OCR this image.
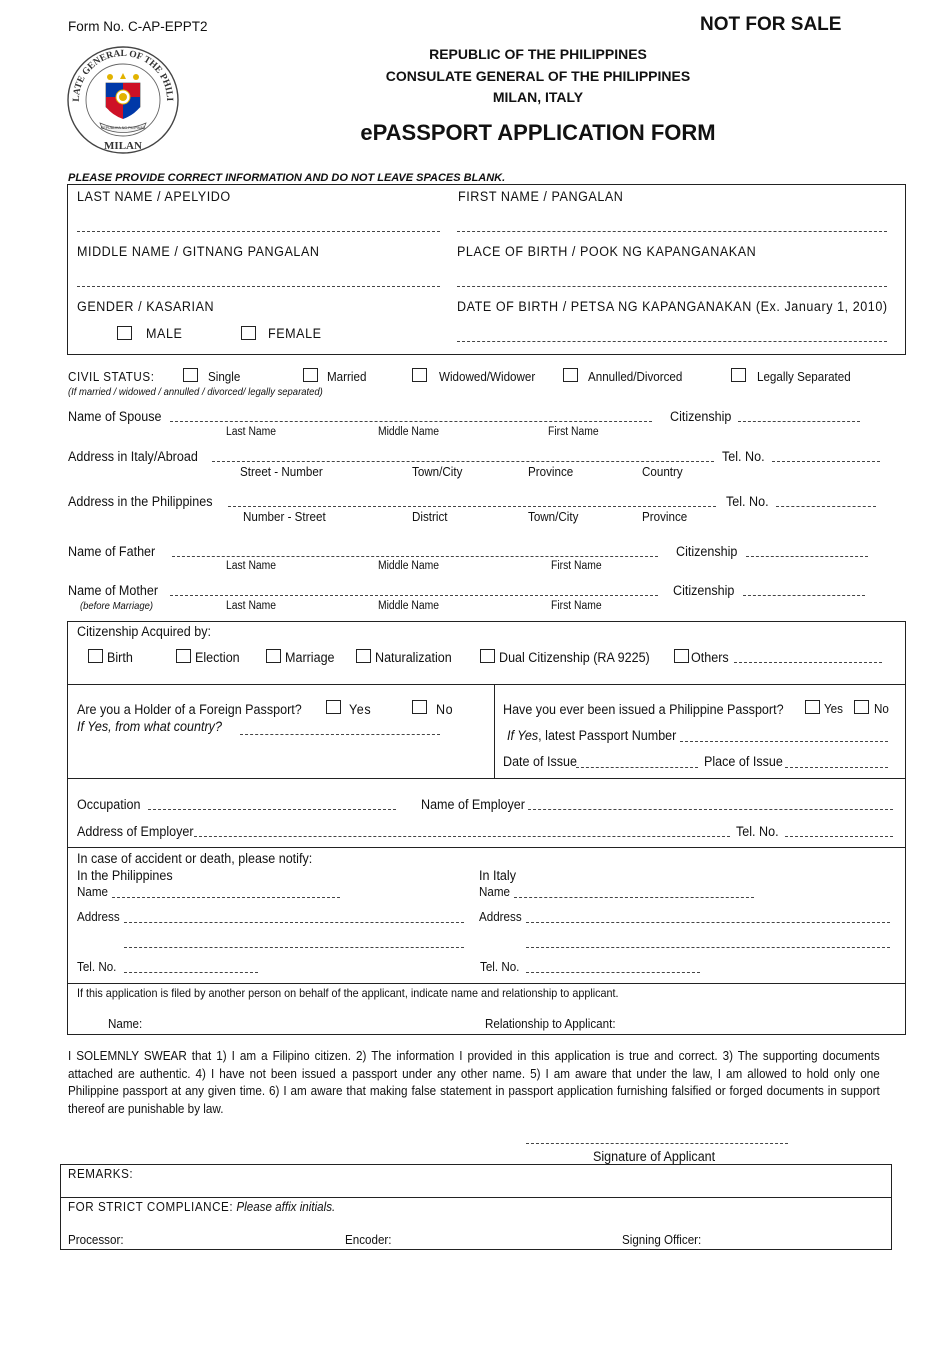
Form No. C-AP-EPPT2	NOT FOR SALE
LATE GENERAL OF THE PHILI
REPUBLIKA NG PILIPINAS
MILAN
REPUBLIC OF THE PHILIPPINES
CONSULATE GENERAL OF THE PHILIPPINES
MILAN, ITALY
ePASSPORT APPLICATION FORM
PLEASE PROVIDE CORRECT INFORMATION AND DO NOT LEAVE SPACES BLANK.
LAST NAME / APELYIDO	FIRST NAME / PANGALAN
MIDDLE NAME / GITNANG PANGALAN	PLACE OF BIRTH / POOK NG KAPANGANAKAN
GENDER / KASARIAN	DATE OF BIRTH / PETSA NG KAPANGANAKAN (Ex. January 1, 2010)
MALE	FEMALE
CIVIL STATUS:
(If married / widowed / annulled / divorced/ legally separated)
Single	Married	Widowed/Widower	Annulled/Divorced	Legally Separated
Name of Spouse	Citizenship
Last Name	Middle Name	First Name
Address in Italy/Abroad	Tel. No.
Street - Number	Town/City	Province	Country
Address in the Philippines	Tel. No.
Number - Street	District	Town/City	Province
Name of Father	Citizenship
Last Name	Middle Name	First Name
Name of Mother	Citizenship
(before Marriage)	Last Name	Middle Name	First Name
Citizenship Acquired by:
Birth	Election	Marriage	Naturalization	Dual Citizenship (RA 9225)	Others
Are you a Holder of a Foreign Passport?	Yes	No
If Yes, from what country?
Have you ever been issued a Philippine Passport?	Yes No
If Yes, latest Passport Number
Date of Issue	Place of Issue
Occupation	Name of Employer
Address of Employer	Tel. No.
In case of accident or death, please notify:
In the Philippines
Name
Address
Tel. No.
In Italy
Name
Address
Tel. No.
If this application is filed by another person on behalf of the applicant, indicate name and relationship to applicant.
Name:	Relationship to Applicant:
I SOLEMNLY SWEAR that 1) I am a Filipino citizen. 2) The information I provided in this application is true and correct. 3) The supporting documents attached are authentic. 4) I have not been issued a passport under any other name. 5) I am aware that under the law, I am allowed to hold only one Philippine passport at any given time. 6) I am aware that making false statement in passport application furnishing falsified or forged documents in support thereof are punishable by law.
Signature of Applicant
REMARKS:
FOR STRICT COMPLIANCE: Please affix initials.
Processor:	Encoder:	Signing Officer:
